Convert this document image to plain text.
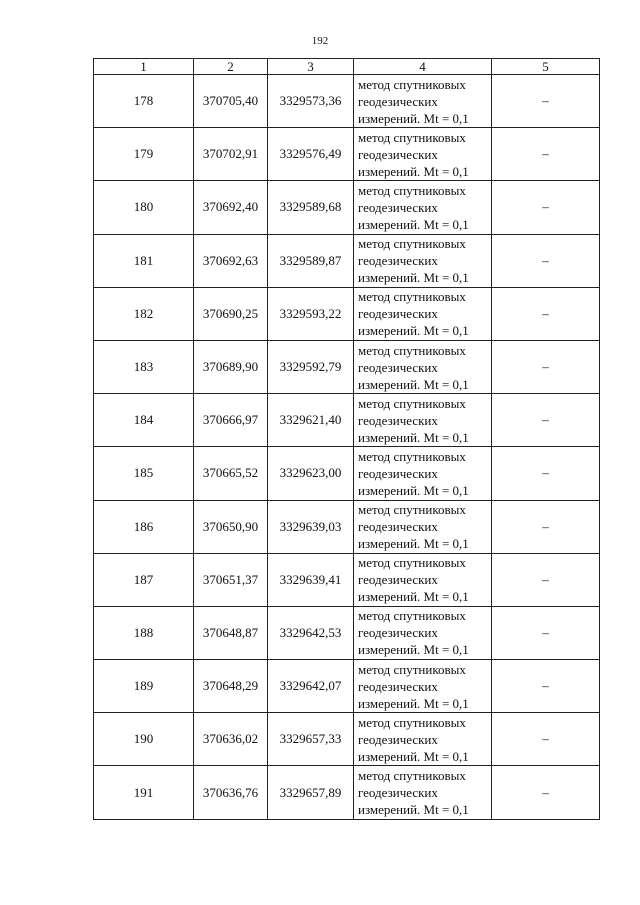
192
1	2	3	4	5
178	370705,40	3329573,36	метод спутниковых
геодезических
измерений. Mt = 0,1	–
179	370702,91	3329576,49	метод спутниковых
геодезических
измерений. Mt = 0,1	–
180	370692,40	3329589,68	метод спутниковых
геодезических
измерений. Mt = 0,1	–
181	370692,63	3329589,87	метод спутниковых
геодезических
измерений. Mt = 0,1	–
182	370690,25	3329593,22	метод спутниковых
геодезических
измерений. Mt = 0,1	–
183	370689,90	3329592,79	метод спутниковых
геодезических
измерений. Mt = 0,1	–
184	370666,97	3329621,40	метод спутниковых
геодезических
измерений. Mt = 0,1	–
185	370665,52	3329623,00	метод спутниковых
геодезических
измерений. Mt = 0,1	–
186	370650,90	3329639,03	метод спутниковых
геодезических
измерений. Mt = 0,1	–
187	370651,37	3329639,41	метод спутниковых
геодезических
измерений. Mt = 0,1	–
188	370648,87	3329642,53	метод спутниковых
геодезических
измерений. Mt = 0,1	–
189	370648,29	3329642,07	метод спутниковых
геодезических
измерений. Mt = 0,1	–
190	370636,02	3329657,33	метод спутниковых
геодезических
измерений. Mt = 0,1	–
191	370636,76	3329657,89	метод спутниковых
геодезических
измерений. Mt = 0,1	–
